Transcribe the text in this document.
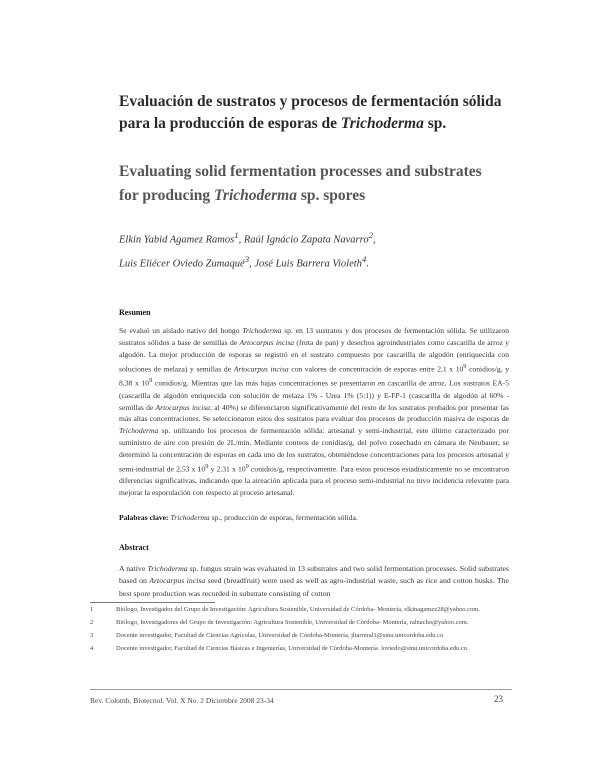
Evaluación de sustratos y procesos de fermentación sólida
para la producción de esporas de Trichoderma sp.
Evaluating solid fermentation processes and substrates
for producing Trichoderma sp. spores
Elkin Yabid Agamez Ramos$^1$, Raúl Ignácio Zapata Navarro$^2$,
Luis Eliécer Oviedo Zumaqué$^3$, José Luis Barrera Violeth$^4$.
Resumen
Se evaluó un aislado nativo del hongo Trichoderma sp. en 13 sustratos y dos procesos de fermentación sólida. Se utilizaron sustratos sólidos a base de semillas de Artocarpus incisa (fruta de pan) y desechos agroindustriales como cascarilla de arroz y algodón. La mejor producción de esporas se registró en el sustrato compuesto por cascarilla de algodón (enriquecida con soluciones de melaza) y semillas de Artocarpus incisa con valores de concentración de esporas entre 2,1 x $10^9$ conidios/g, y 8,38 x $10^9$ conidios/g. Mientras que las más bajas concentraciones se presentaron en cascarilla de arroz. Los sustratos EA-5 (cascarilla de algodón enriquecida con solución de melaza 1% - Urea 1% (5:1)) y E-FP-1 (cascarilla de algodón al 60% - semillas de Artocarpus incisa, al 40%) se diferenciaron significativamente del resto de los sustratos probados por presentar las más altas concentraciones. Se seleccionaron estos dos sustratos para evaluar dos procesos de producción masiva de esporas de Trichoderma sp. utilizando los procesos de fermentación sólida: artesanal y semi-industrial, este último caracterizado por suministro de aire con presión de 2L/min. Mediante conteos de conidias/g, del polvo cosechado en cámara de Neubauer, se determinó la concentración de esporas en cada uno de los sustratos, obteniéndose concentraciones para los procesos artesanal y semi-industrial de 2,53 x $10^9$ y 2.31 x $10^9$ conidios/g, respectivamente. Para estos procesos estadísticamente no se encontraron diferencias significativas, indicando que la aireación aplicada para el proceso semi-industrial no tuvo incidencia relevante para mejorar la esporulación con respecto al proceso artesanal.
Palabras clave: Trichoderma sp., producción de esporas, fermentación sólida.
Abstract
A native Trichoderma sp. fungus strain was evaluated in 13 substrates and two solid fermentation processes. Solid substrates based on Artocarpus incisa seed (breadfruit) were used as well as agro-industrial waste, such as rice and cotton husks. The best spore production was recorded in substrate consisting of cotton
1	Biólogo, Investigador del Grupo de Investigación: Agricultura Sostenible, Universidad de Córdoba- Montería, elkinagamez28@yahoo.com.
2	Biólogo, Investigadores del Grupo de Investigación: Agricultura Sostenible, Universidad de Córdoba- Montería, ralnacho@yahoo.com.
3	Docente investigador, Facultad de Ciencias Agrícolas, Universidad de Córdoba-Montería, jltarreral1@sinu.unicordoba.edu.co
4	Docente investigador, Facultad de Ciencias Básicas e Ingenierías, Universidad de Córdoba-Montería. loviedo@sinu.unicordoba.edu.co.
Rev. Colomb. Biotecnol. Vol. X No. 2 Diciembre 2008 23-34	23
